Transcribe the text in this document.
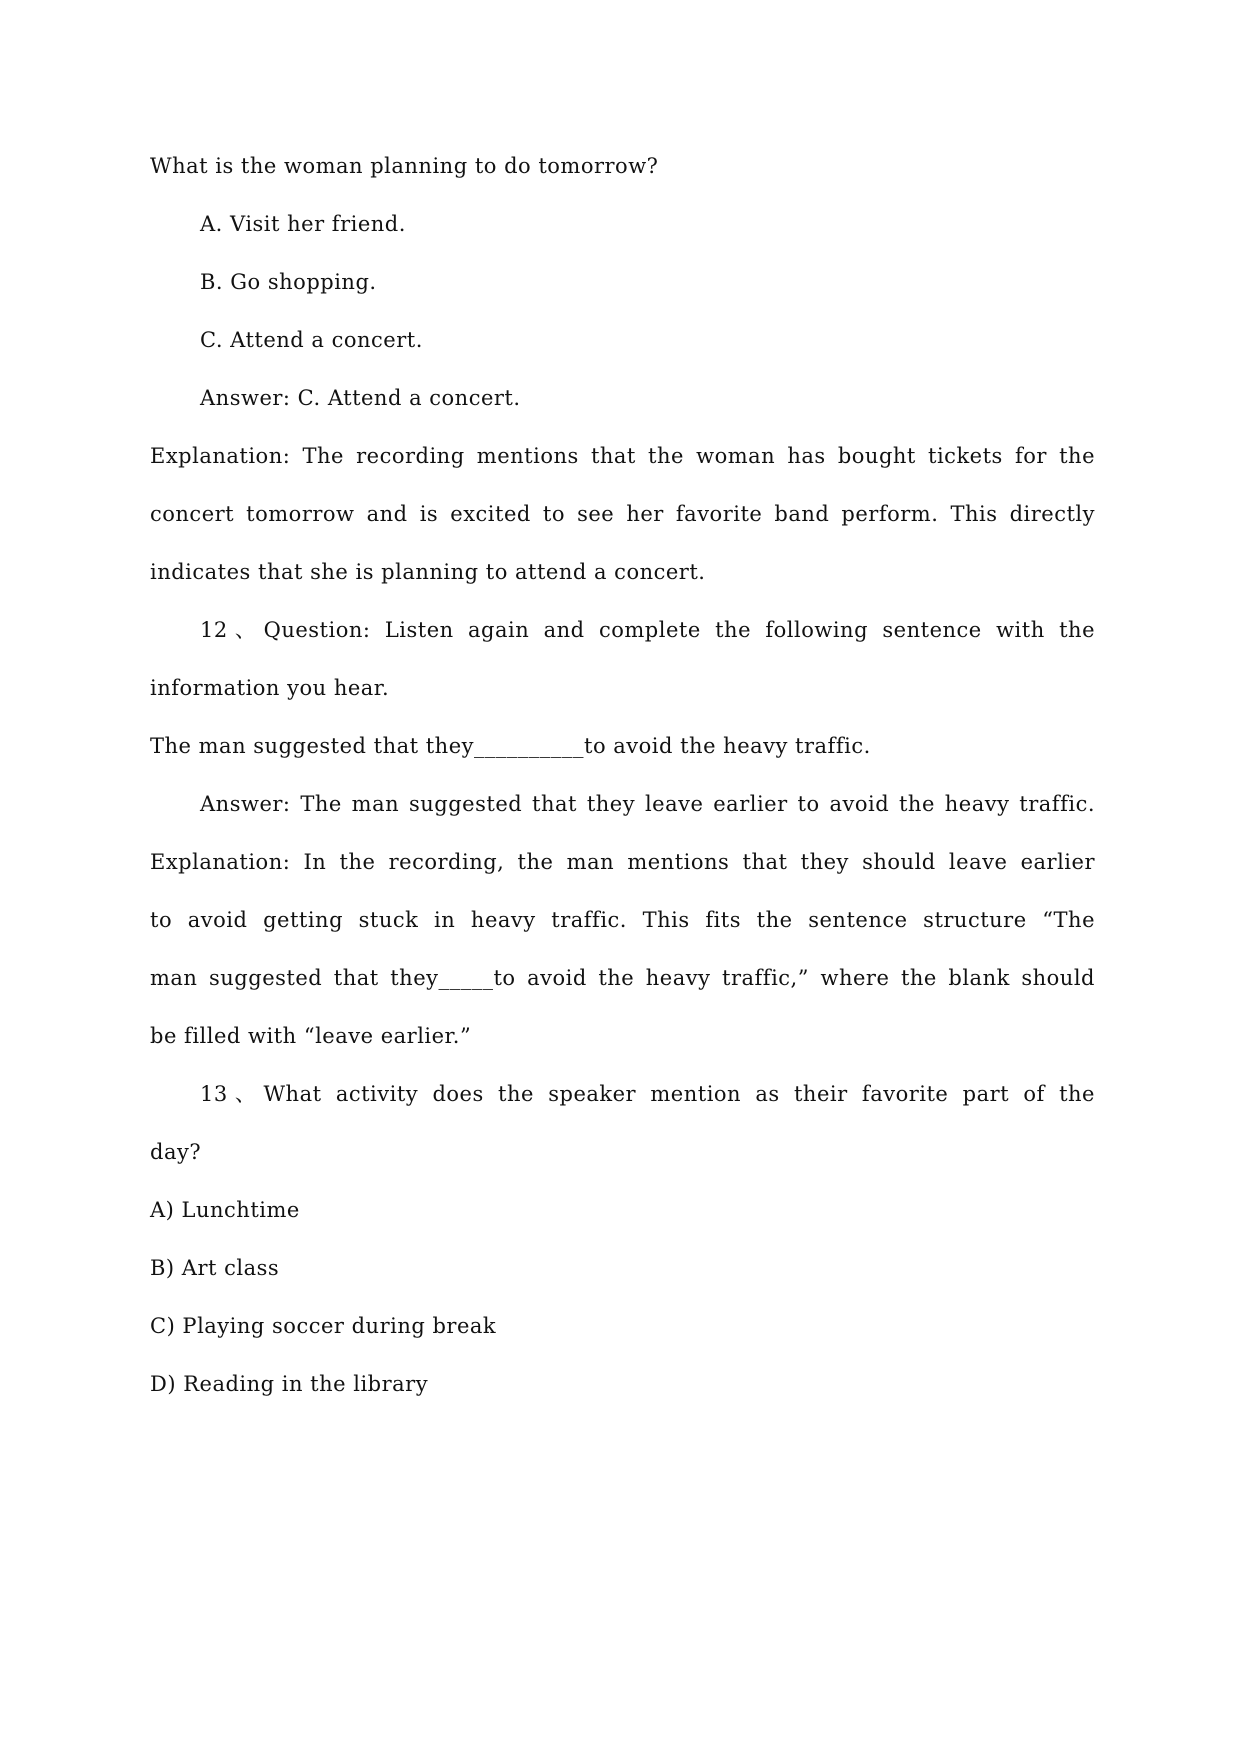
What is the woman planning to do tomorrow?
A. Visit her friend.
B. Go shopping.
C. Attend a concert.
Answer: C. Attend a concert.
Explanation: The recording mentions that the woman has bought tickets for the
concert tomorrow and is excited to see her favorite band perform. This directly
indicates that she is planning to attend a concert.
12、Question: Listen again and complete the following sentence with the
information you hear.
The man suggested that they__________to avoid the heavy traffic.
Answer: The man suggested that they leave earlier to avoid the heavy traffic.
Explanation: In the recording, the man mentions that they should leave earlier
to avoid getting stuck in heavy traffic. This fits the sentence structure “The
man suggested that they_____to avoid the heavy traffic,” where the blank should
be filled with “leave earlier.”
13、What activity does the speaker mention as their favorite part of the
day?
A) Lunchtime
B) Art class
C) Playing soccer during break
D) Reading in the library
